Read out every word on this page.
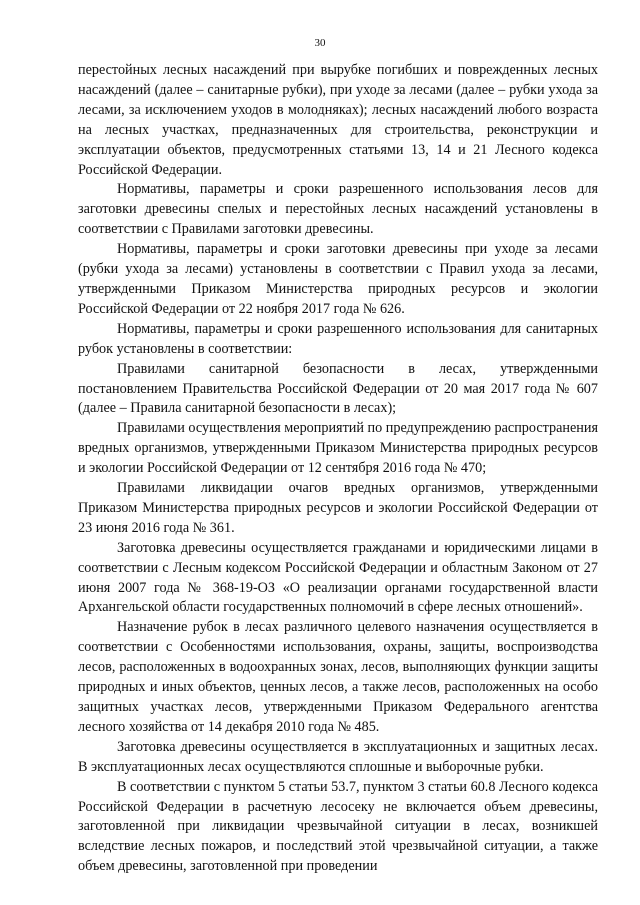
30

перестойных лесных насаждений при вырубке погибших и поврежденных лесных насаждений (далее – санитарные рубки), при уходе за лесами (далее – рубки ухода за лесами, за исключением уходов в молодняках); лесных насаждений любого возраста на лесных участках, предназначенных для строительства, реконструкции и эксплуатации объектов, предусмотренных статьями 13, 14 и 21 Лесного кодекса Российской Федерации.

Нормативы, параметры и сроки разрешенного использования лесов для заготовки древесины спелых и перестойных лесных насаждений установлены в соответствии с Правилами заготовки древесины.

Нормативы, параметры и сроки заготовки древесины при уходе за лесами (рубки ухода за лесами) установлены в соответствии с Правил ухода за лесами, утвержденными Приказом Министерства природных ресурсов и экологии Российской Федерации от 22 ноября 2017 года № 626.

Нормативы, параметры и сроки разрешенного использования для санитарных рубок установлены в соответствии:

Правилами санитарной безопасности в лесах, утвержденными постановлением Правительства Российской Федерации от 20 мая 2017 года № 607 (далее – Правила санитарной безопасности в лесах);

Правилами осуществления мероприятий по предупреждению распространения вредных организмов, утвержденными Приказом Министерства природных ресурсов и экологии Российской Федерации от 12 сентября 2016 года № 470;

Правилами ликвидации очагов вредных организмов, утвержденными Приказом Министерства природных ресурсов и экологии Российской Федерации от 23 июня 2016 года № 361.

Заготовка древесины осуществляется гражданами и юридическими лицами в соответствии с Лесным кодексом Российской Федерации и областным Законом от 27 июня 2007 года № 368-19-ОЗ «О реализации органами государственной власти Архангельской области государственных полномочий в сфере лесных отношений».

Назначение рубок в лесах различного целевого назначения осуществляется в соответствии с Особенностями использования, охраны, защиты, воспроизводства лесов, расположенных в водоохранных зонах, лесов, выполняющих функции защиты природных и иных объектов, ценных лесов, а также лесов, расположенных на особо защитных участках лесов, утвержденными Приказом Федерального агентства лесного хозяйства от 14 декабря 2010 года № 485.

Заготовка древесины осуществляется в эксплуатационных и защитных лесах. В эксплуатационных лесах осуществляются сплошные и выборочные рубки.

В соответствии с пунктом 5 статьи 53.7, пунктом 3 статьи 60.8 Лесного кодекса Российской Федерации в расчетную лесосеку не включается объем древесины, заготовленной при ликвидации чрезвычайной ситуации в лесах, возникшей вследствие лесных пожаров, и последствий этой чрезвычайной ситуации, а также объем древесины, заготовленной при проведении
